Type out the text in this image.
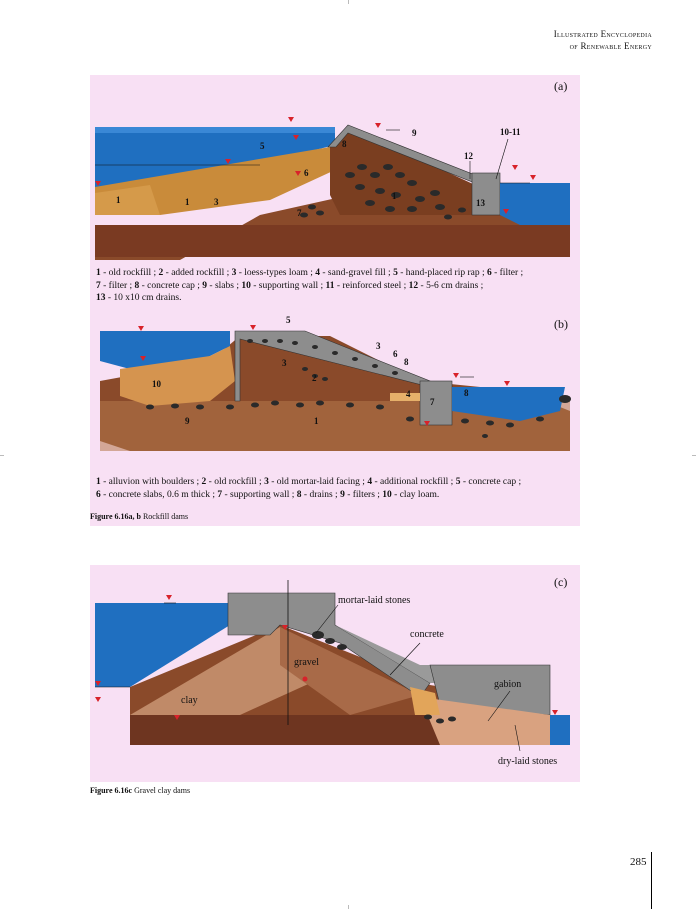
Illustrated Encyclopedia
of Renewable Energy
1	1	3
5
6
7
8
9	10-11
12
13
1
(a)
1 - old rockfill ; 2 - added rockfill ; 3 - loess-types loam ; 4 - sand-gravel fill ; 5 - hand-placed rip rap ; 6 - filter ;
7 - filter ; 8 - concrete cap ; 9 - slabs ; 10 - supporting wall ; 11 - reinforced steel ; 12 - 5-6 cm drains ;
13 - 10 x10 cm drains.
5
3
6
8
3
2
10
4
7
8
9	1
(b)
1 - alluvion with boulders ; 2 - old rockfill ; 3 - old mortar-laid facing ; 4 - additional rockfill ; 5 - concrete cap ;
6 - concrete slabs, 0.6 m thick ; 7 - supporting wall ; 8 - drains ; 9 - filters ; 10 - clay loam.
Figure 6.16a, b Rockfill dams
(c)
mortar-laid stones
concrete
gravel
clay
gabion
dry-laid stones
Figure 6.16c Gravel clay dams
285
